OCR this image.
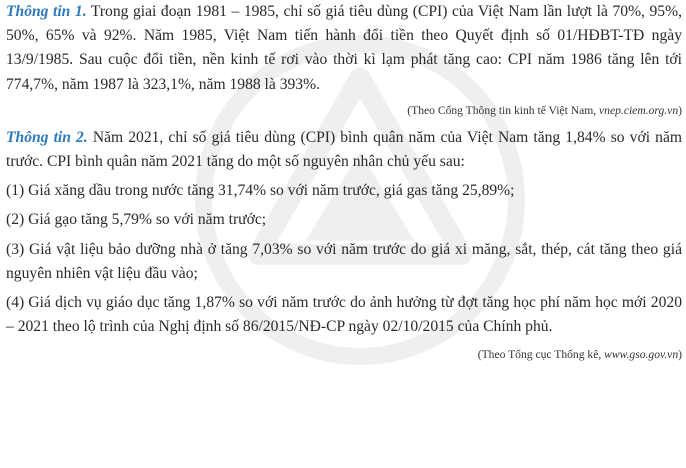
Thông tin 1. Trong giai đoạn 1981 – 1985, chỉ số giá tiêu dùng (CPI) của Việt Nam lần lượt là 70%, 95%, 50%, 65% và 92%. Năm 1985, Việt Nam tiến hành đổi tiền theo Quyết định số 01/HĐBT-TĐ ngày 13/9/1985. Sau cuộc đổi tiền, nền kinh tế rơi vào thời kì lạm phát tăng cao: CPI năm 1986 tăng lên tới 774,7%, năm 1987 là 323,1%, năm 1988 là 393%.

(Theo Cổng Thông tin kinh tế Việt Nam, vnep.ciem.org.vn)

Thông tin 2. Năm 2021, chỉ số giá tiêu dùng (CPI) bình quân năm của Việt Nam tăng 1,84% so với năm trước. CPI bình quân năm 2021 tăng do một số nguyên nhân chủ yếu sau:

(1) Giá xăng dầu trong nước tăng 31,74% so với năm trước, giá gas tăng 25,89%;

(2) Giá gạo tăng 5,79% so với năm trước;

(3) Giá vật liệu bảo dưỡng nhà ở tăng 7,03% so với năm trước do giá xi măng, sắt, thép, cát tăng theo giá nguyên nhiên vật liệu đầu vào;

(4) Giá dịch vụ giáo dục tăng 1,87% so với năm trước do ảnh hưởng từ đợt tăng học phí năm học mới 2020 – 2021 theo lộ trình của Nghị định số 86/2015/NĐ-CP ngày 02/10/2015 của Chính phủ.

(Theo Tổng cục Thống kê, www.gso.gov.vn)
